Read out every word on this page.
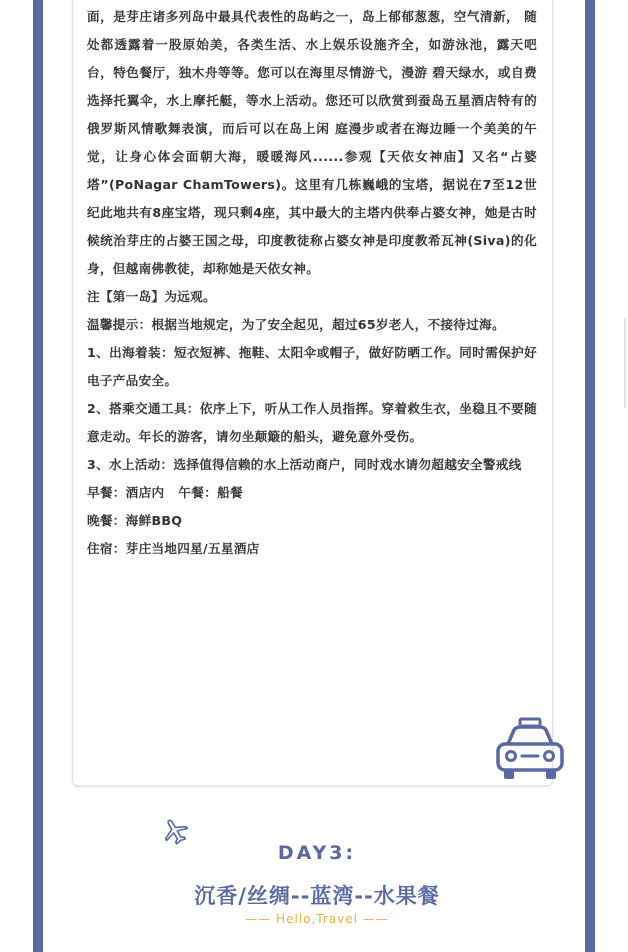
面，是芽庄诸多列岛中最具代表性的岛屿之一，岛上郁郁葱葱，空气清新， 随处都透露着一股原始美，各类生活、水上娱乐设施齐全，如游泳池，露天吧台，特色餐厅，独木舟等等。您可以在海里尽情游弋，漫游 碧天绿水，或自费选择托翼伞，水上摩托艇，等水上活动。您还可以欣赏到蚕岛五星酒店特有的俄罗斯风情歌舞表演，而后可以在岛上闲 庭漫步或者在海边睡一个美美的午觉，让身心体会面朝大海，暖暖海风......参观【天依女神庙】又名“占婆塔”(PoNagar ChamTowers)。这里有几栋巍峨的宝塔，据说在7至12世纪此地共有8座宝塔，现只剩4座，其中最大的主塔内供奉占婆女神，她是古时候统治芽庄的占婆王国之母，印度教徒称占婆女神是印度教希瓦神(Siva)的化身，但越南佛教徒，却称她是天依女神。

注【第一岛】为远观。

温馨提示：根据当地规定，为了安全起见，超过65岁老人，不接待过海。

1、出海着装：短衣短裤、拖鞋、太阳伞或帽子，做好防晒工作。同时需保护好电子产品安全。

2、搭乘交通工具：依序上下，听从工作人员指挥。穿着救生衣，坐稳且不要随意走动。年长的游客，请勿坐颠簸的船头，避免意外受伤。

3、水上活动：选择值得信赖的水上活动商户，同时戏水请勿超越安全警戒线

早餐：酒店内   午餐：船餐

晚餐：海鲜BBQ

住宿：芽庄当地四星/五星酒店

DAY3:
沉香/丝绸--蓝湾--水果餐
—— Hello,Travel ——
